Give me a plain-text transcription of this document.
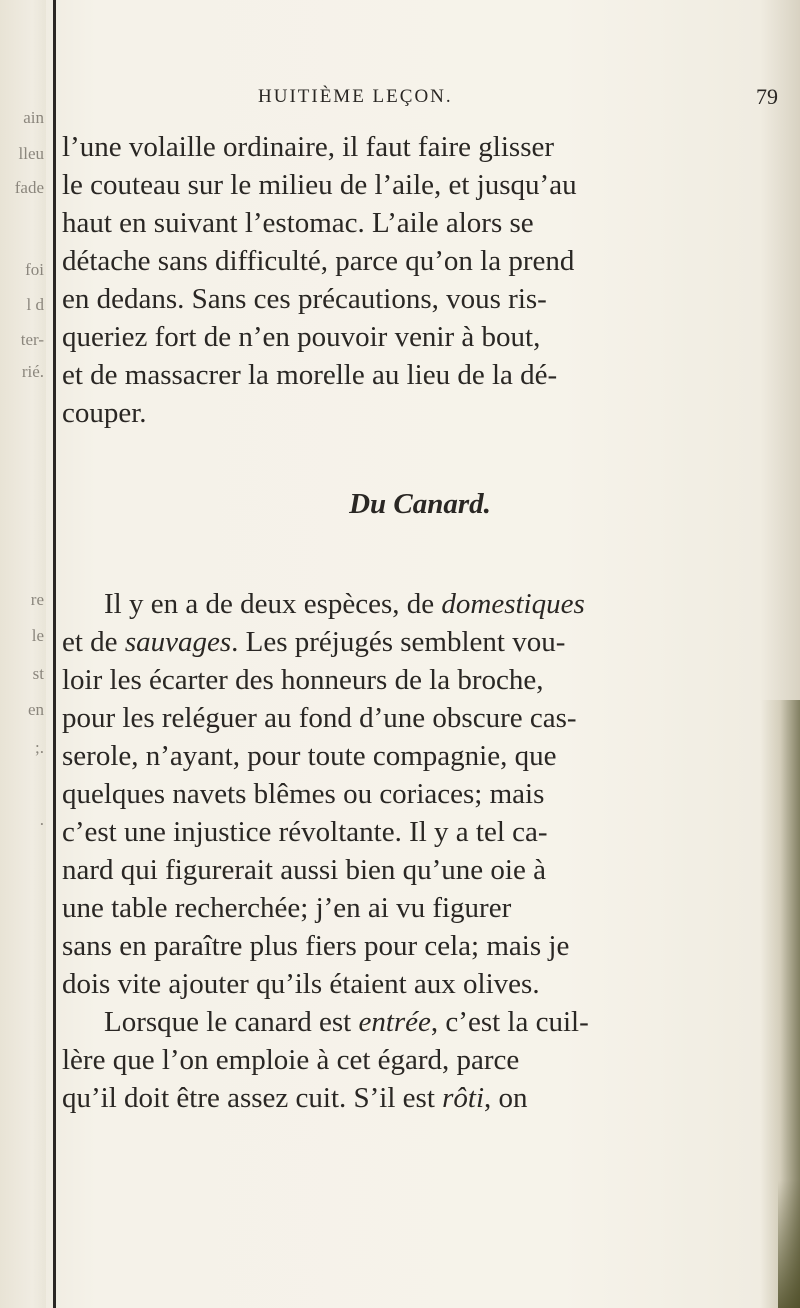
ain
lleu
fade
foi
l d
ter-
rié.
re
le
st
en
;.
.
HUITIÈME LEÇON.	79
l’une volaille ordinaire, il faut faire glisser
le couteau sur le milieu de l’aile, et jusqu’au
haut en suivant l’estomac. L’aile alors se
détache sans difficulté, parce qu’on la prend
en dedans. Sans ces précautions, vous ris-
queriez fort de n’en pouvoir venir à bout,
et de massacrer la morelle au lieu de la dé-
couper.
Du Canard.
Il y en a de deux espèces, de domestiques
et de sauvages. Les préjugés semblent vou-
loir les écarter des honneurs de la broche,
pour les reléguer au fond d’une obscure cas-
serole, n’ayant, pour toute compagnie, que
quelques navets blêmes ou coriaces; mais
c’est une injustice révoltante. Il y a tel ca-
nard qui figurerait aussi bien qu’une oie à
une table recherchée; j’en ai vu figurer
sans en paraître plus fiers pour cela; mais je
dois vite ajouter qu’ils étaient aux olives.
Lorsque le canard est entrée, c’est la cuil-
lère que l’on emploie à cet égard, parce
qu’il doit être assez cuit. S’il est rôti, on
